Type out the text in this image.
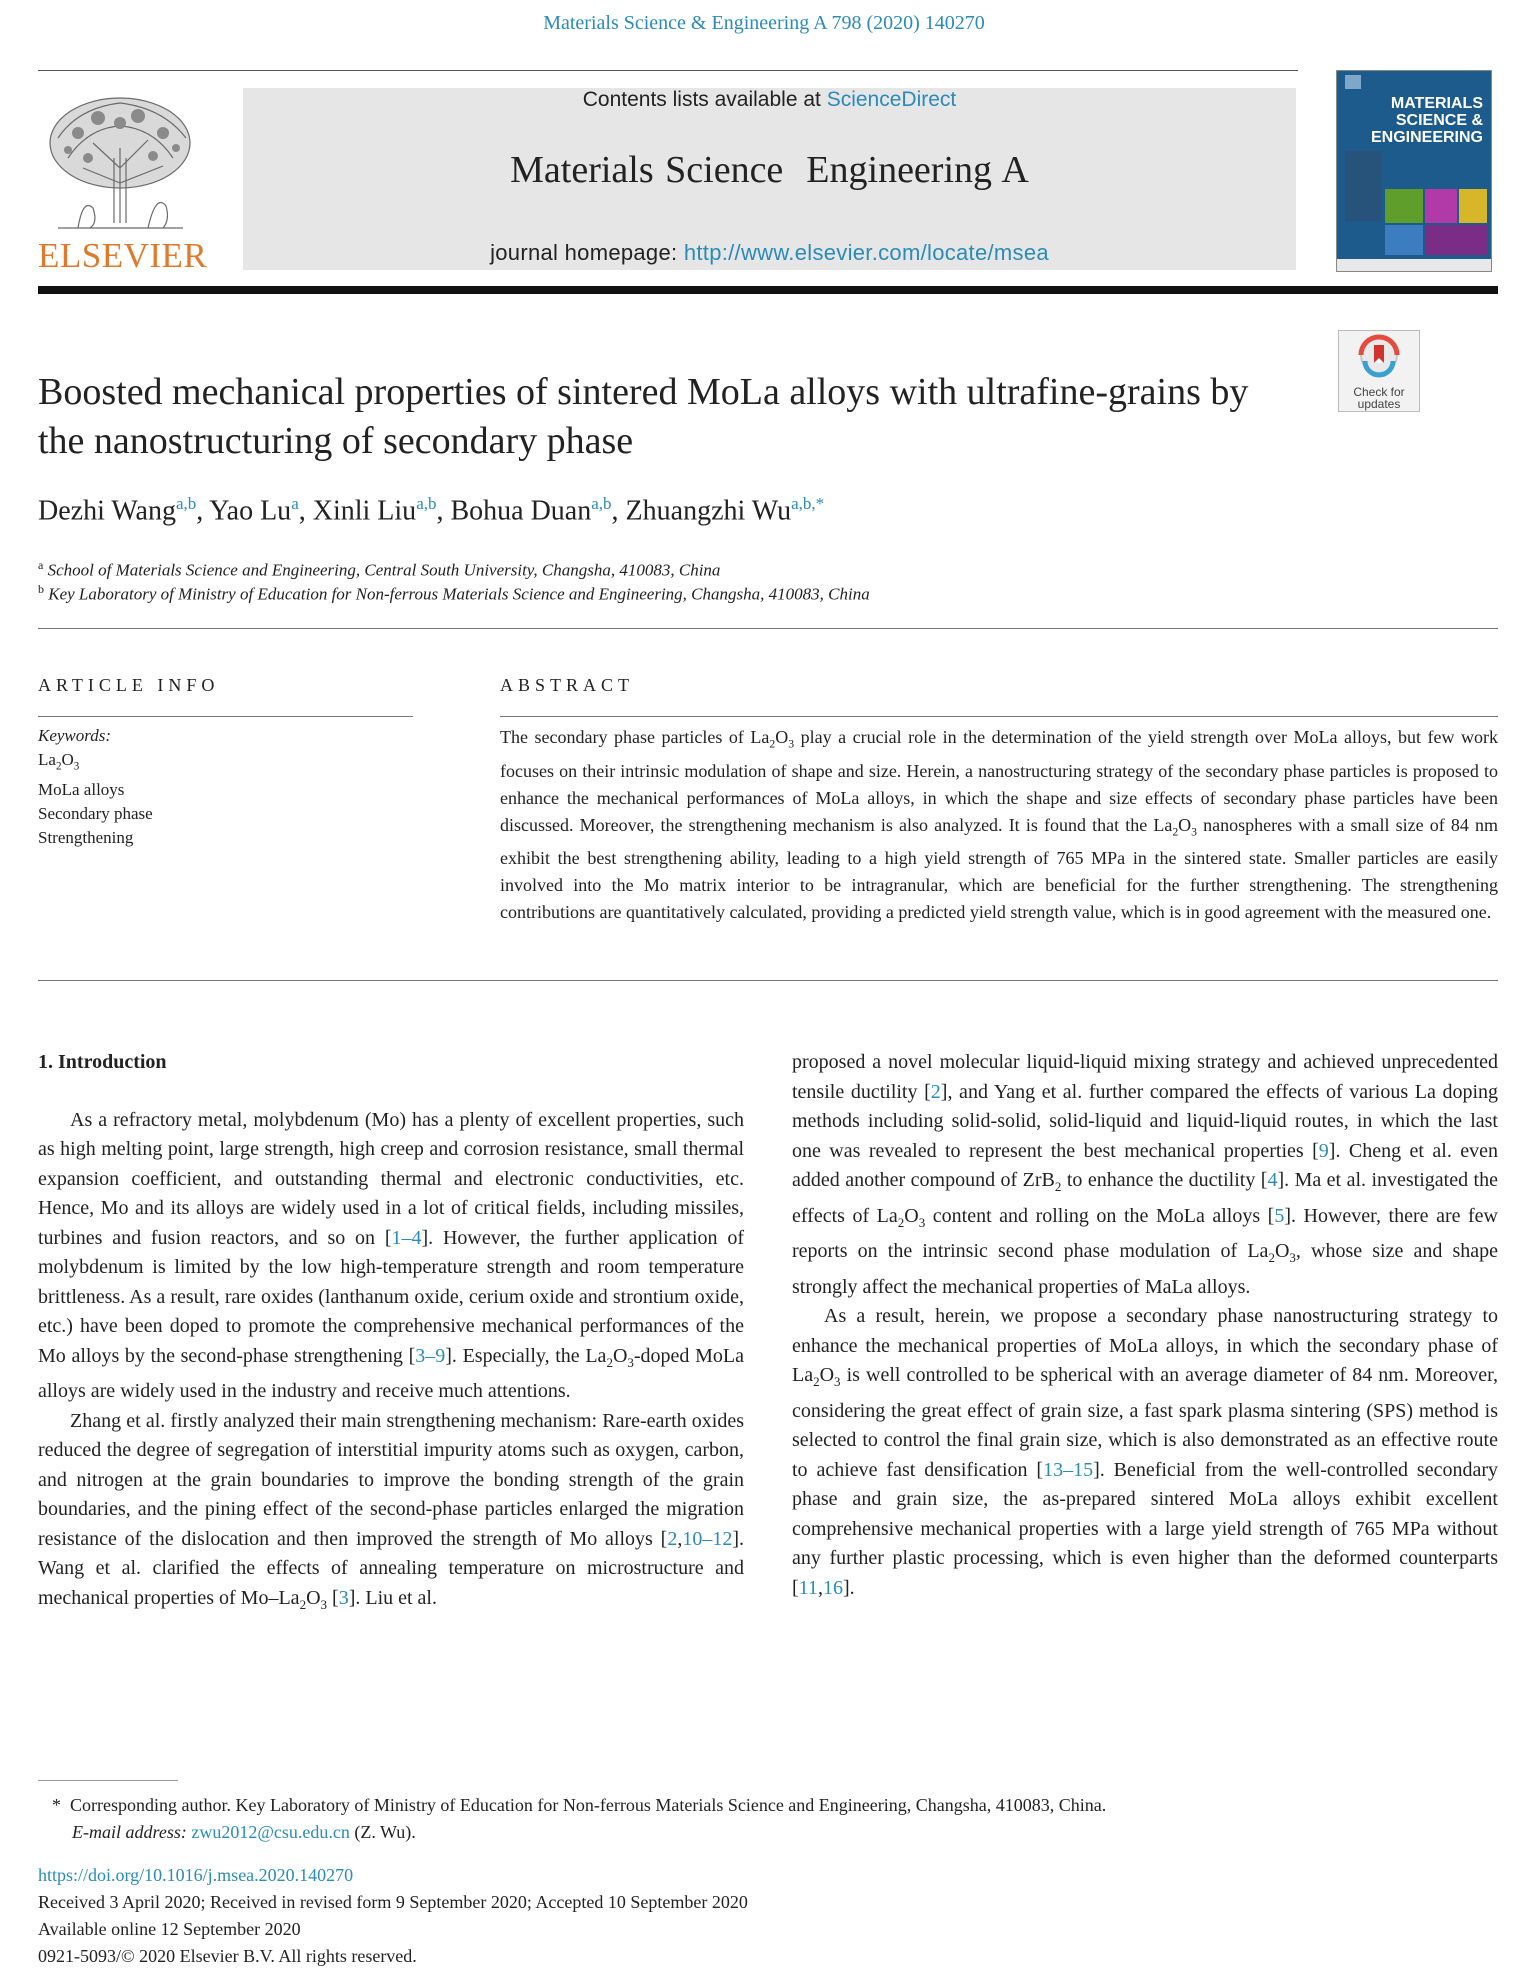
Materials Science & Engineering A 798 (2020) 140270
ELSEVIER
Contents lists available at ScienceDirect
Materials Science  Engineering A
journal homepage: http://www.elsevier.com/locate/msea
MATERIALS SCIENCE & ENGINEERING
Check for updates
Boosted mechanical properties of sintered MoLa alloys with ultrafine-grains by the nanostructuring of secondary phase
Dezhi Wang$^{a,b}$, Yao Lu$^a$, Xinli Liu$^{a,b}$, Bohua Duan$^{a,b}$, Zhuangzhi $Wu^{a,b,*}$
$^a$ School of Materials Science and Engineering, Central South University, Changsha, 410083, China
$^b$ Key Laboratory of Ministry of Education for Non-ferrous Materials Science and Engineering, Changsha, 410083, China
ARTICLE INFO
Keywords:
$La_2O_3$
MoLa alloys
Secondary phase
Strengthening
ABSTRACT
The secondary phase particles of $La_2O_3$ play a crucial role in the determination of the yield strength over MoLa alloys, but few work focuses on their intrinsic modulation of shape and size. Herein, a nanostructuring strategy of the secondary phase particles is proposed to enhance the mechanical performances of MoLa alloys, in which the shape and size effects of secondary phase particles have been discussed. Moreover, the strengthening mechanism is also analyzed. It is found that the $La_2O_3$ nanospheres with a small size of 84 nm exhibit the best strengthening ability, leading to a high yield strength of 765 MPa in the sintered state. Smaller particles are easily involved into the Mo matrix interior to be intragranular, which are beneficial for the further strengthening. The strengthening contributions are quantitatively calculated, providing a predicted yield strength value, which is in good agreement with the measured one.

1. Introduction

As a refractory metal, molybdenum (Mo) has a plenty of excellent properties, such as high melting point, large strength, high creep and corrosion resistance, small thermal expansion coefficient, and outstanding thermal and electronic conductivities, etc. Hence, Mo and its alloys are widely used in a lot of critical fields, including missiles, turbines and fusion reactors, and so on [1–4]. However, the further application of molybdenum is limited by the low high-temperature strength and room temperature brittleness. As a result, rare oxides (lanthanum oxide, cerium oxide and strontium oxide, etc.) have been doped to promote the comprehensive mechanical performances of the Mo alloys by the second-phase strengthening [3–9]. Especially, the $La_2O_3$-doped MoLa alloys are widely used in the industry and receive much attentions.

Zhang et al. firstly analyzed their main strengthening mechanism: Rare-earth oxides reduced the degree of segregation of interstitial impurity atoms such as oxygen, carbon, and nitrogen at the grain boundaries to improve the bonding strength of the grain boundaries, and the pining effect of the second-phase particles enlarged the migration resistance of the dislocation and then improved the strength of Mo alloys [2,10–12]. Wang et al. clarified the effects of annealing temperature on microstructure and mechanical properties of $Mo-La_2O_3$ [3]. Liu et al.

proposed a novel molecular liquid-liquid mixing strategy and achieved unprecedented tensile ductility [2], and Yang et al. further compared the effects of various La doping methods including solid-solid, solid-liquid and liquid-liquid routes, in which the last one was revealed to represent the best mechanical properties [9]. Cheng et al. even added another compound of ZrB$_2$ to enhance the ductility [4]. Ma et al. investigated the effects of $La_2O_3$ content and rolling on the MoLa alloys [5]. However, there are few reports on the intrinsic second phase modulation of $La_2O_3$, whose size and shape strongly affect the mechanical properties of MaLa alloys.

As a result, herein, we propose a secondary phase nanostructuring strategy to enhance the mechanical properties of MoLa alloys, in which the secondary phase of $La_2O_3$ is well controlled to be spherical with an average diameter of 84 nm. Moreover, considering the great effect of grain size, a fast spark plasma sintering (SPS) method is selected to control the final grain size, which is also demonstrated as an effective route to achieve fast densification [13–15]. Beneficial from the well-controlled secondary phase and grain size, the as-prepared sintered MoLa alloys exhibit excellent comprehensive mechanical properties with a large yield strength of 765 MPa without any further plastic processing, which is even higher than the deformed counterparts [11,16].

* Corresponding author. Key Laboratory of Ministry of Education for Non-ferrous Materials Science and Engineering, Changsha, 410083, China.
E-mail address: zwu2012@csu.edu.cn (Z. Wu).
https://doi.org/10.1016/j.msea.2020.140270
Received 3 April 2020; Received in revised form 9 September 2020; Accepted 10 September 2020
Available online 12 September 2020
0921-5093/© 2020 Elsevier B.V. All rights reserved.
